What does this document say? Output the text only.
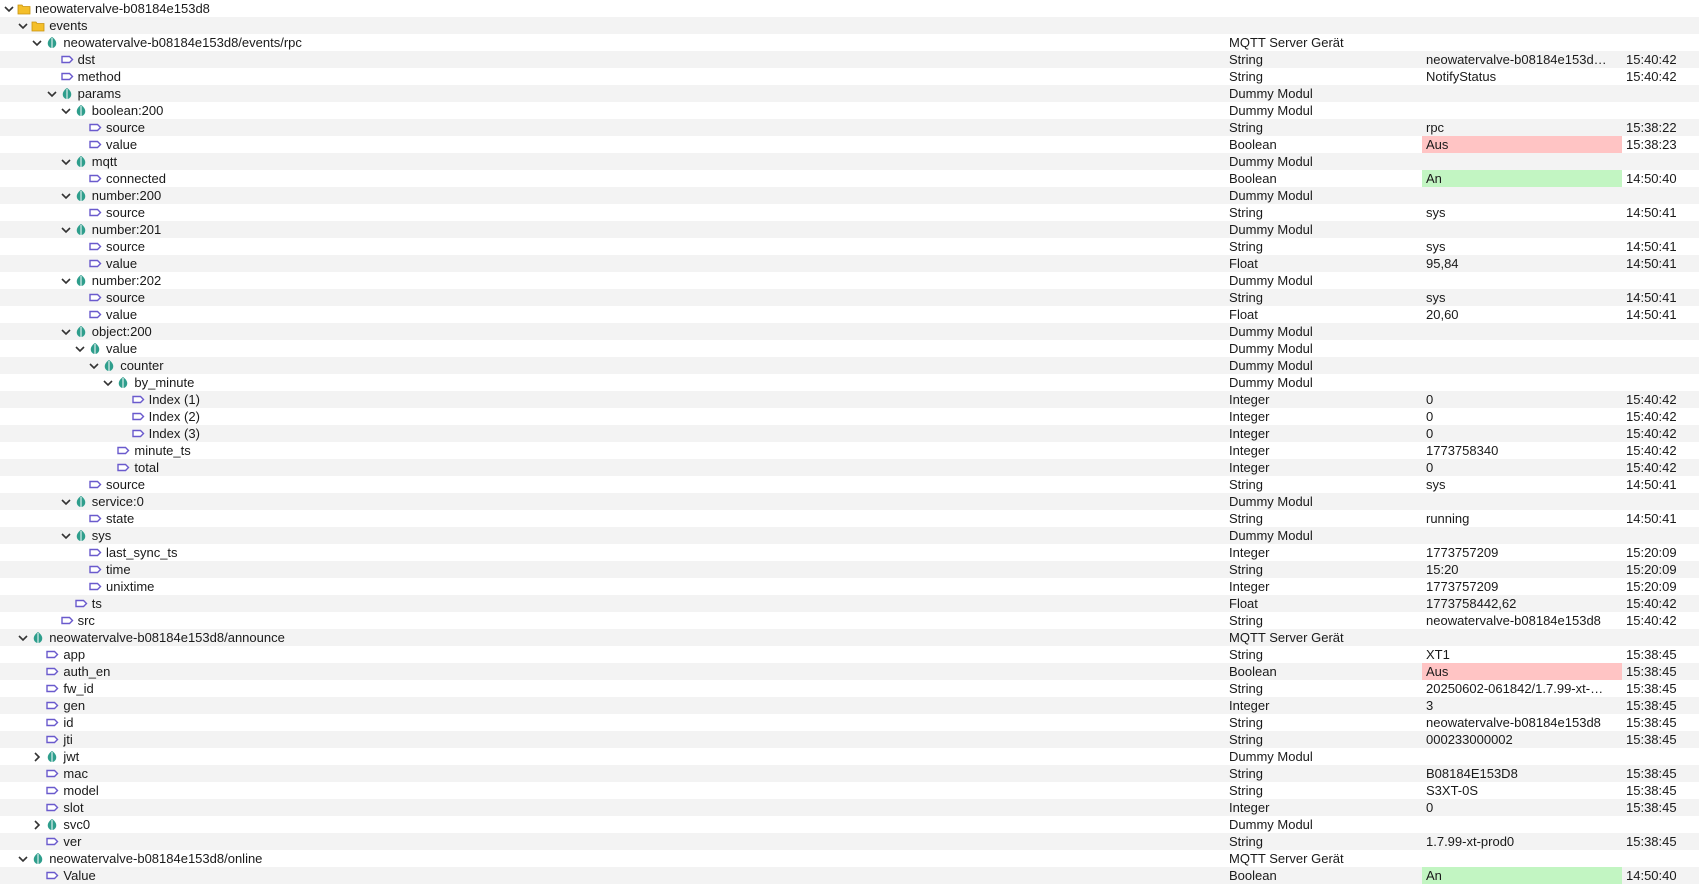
neowatervalve-b08184e153d8
events
neowatervalve-b08184e153d8/events/rpc	MQTT Server Gerät
dst	String	neowatervalve-b08184e153d…	15:40:42
method	String	NotifyStatus	15:40:42
params	Dummy Modul
boolean:200	Dummy Modul
source	String	rpc	15:38:22
value	Boolean	Aus	15:38:23
mqtt	Dummy Modul
connected	Boolean	An	14:50:40
number:200	Dummy Modul
source	String	sys	14:50:41
number:201	Dummy Modul
source	String	sys	14:50:41
value	Float	95,84	14:50:41
number:202	Dummy Modul
source	String	sys	14:50:41
value	Float	20,60	14:50:41
object:200	Dummy Modul
value	Dummy Modul
counter	Dummy Modul
by_minute	Dummy Modul
Index (1)	Integer	0	15:40:42
Index (2)	Integer	0	15:40:42
Index (3)	Integer	0	15:40:42
minute_ts	Integer	1773758340	15:40:42
total	Integer	0	15:40:42
source	String	sys	14:50:41
service:0	Dummy Modul
state	String	running	14:50:41
sys	Dummy Modul
last_sync_ts	Integer	1773757209	15:20:09
time	String	15:20	15:20:09
unixtime	Integer	1773757209	15:20:09
ts	Float	1773758442,62	15:40:42
src	String	neowatervalve-b08184e153d8	15:40:42
neowatervalve-b08184e153d8/announce	MQTT Server Gerät
app	String	XT1	15:38:45
auth_en	Boolean	Aus	15:38:45
fw_id	String	20250602-061842/1.7.99-xt-…	15:38:45
gen	Integer	3	15:38:45
id	String	neowatervalve-b08184e153d8	15:38:45
jti	String	000233000002	15:38:45
jwt	Dummy Modul
mac	String	B08184E153D8	15:38:45
model	String	S3XT-0S	15:38:45
slot	Integer	0	15:38:45
svc0	Dummy Modul
ver	String	1.7.99-xt-prod0	15:38:45
neowatervalve-b08184e153d8/online	MQTT Server Gerät
Value	Boolean	An	14:50:40
